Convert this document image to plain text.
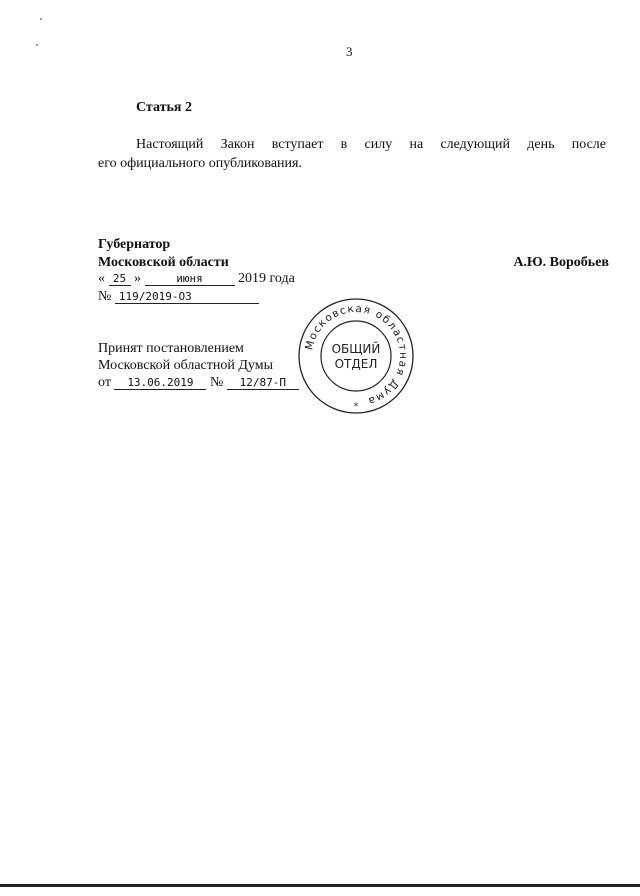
3
Статья 2
Настоящий Закон вступает в силу на следующий день после
его официального опубликования.
Губернатор
Московской области	А.Ю. Воробьев
« 25 »	июня	2019 года
№ 119/2019-ОЗ
Принят постановлением
Московской областной Думы
от 13.06.2019 № 12/87-П
Московская областная Дума
ОБЩИЙ
ОТДЕЛ
*
